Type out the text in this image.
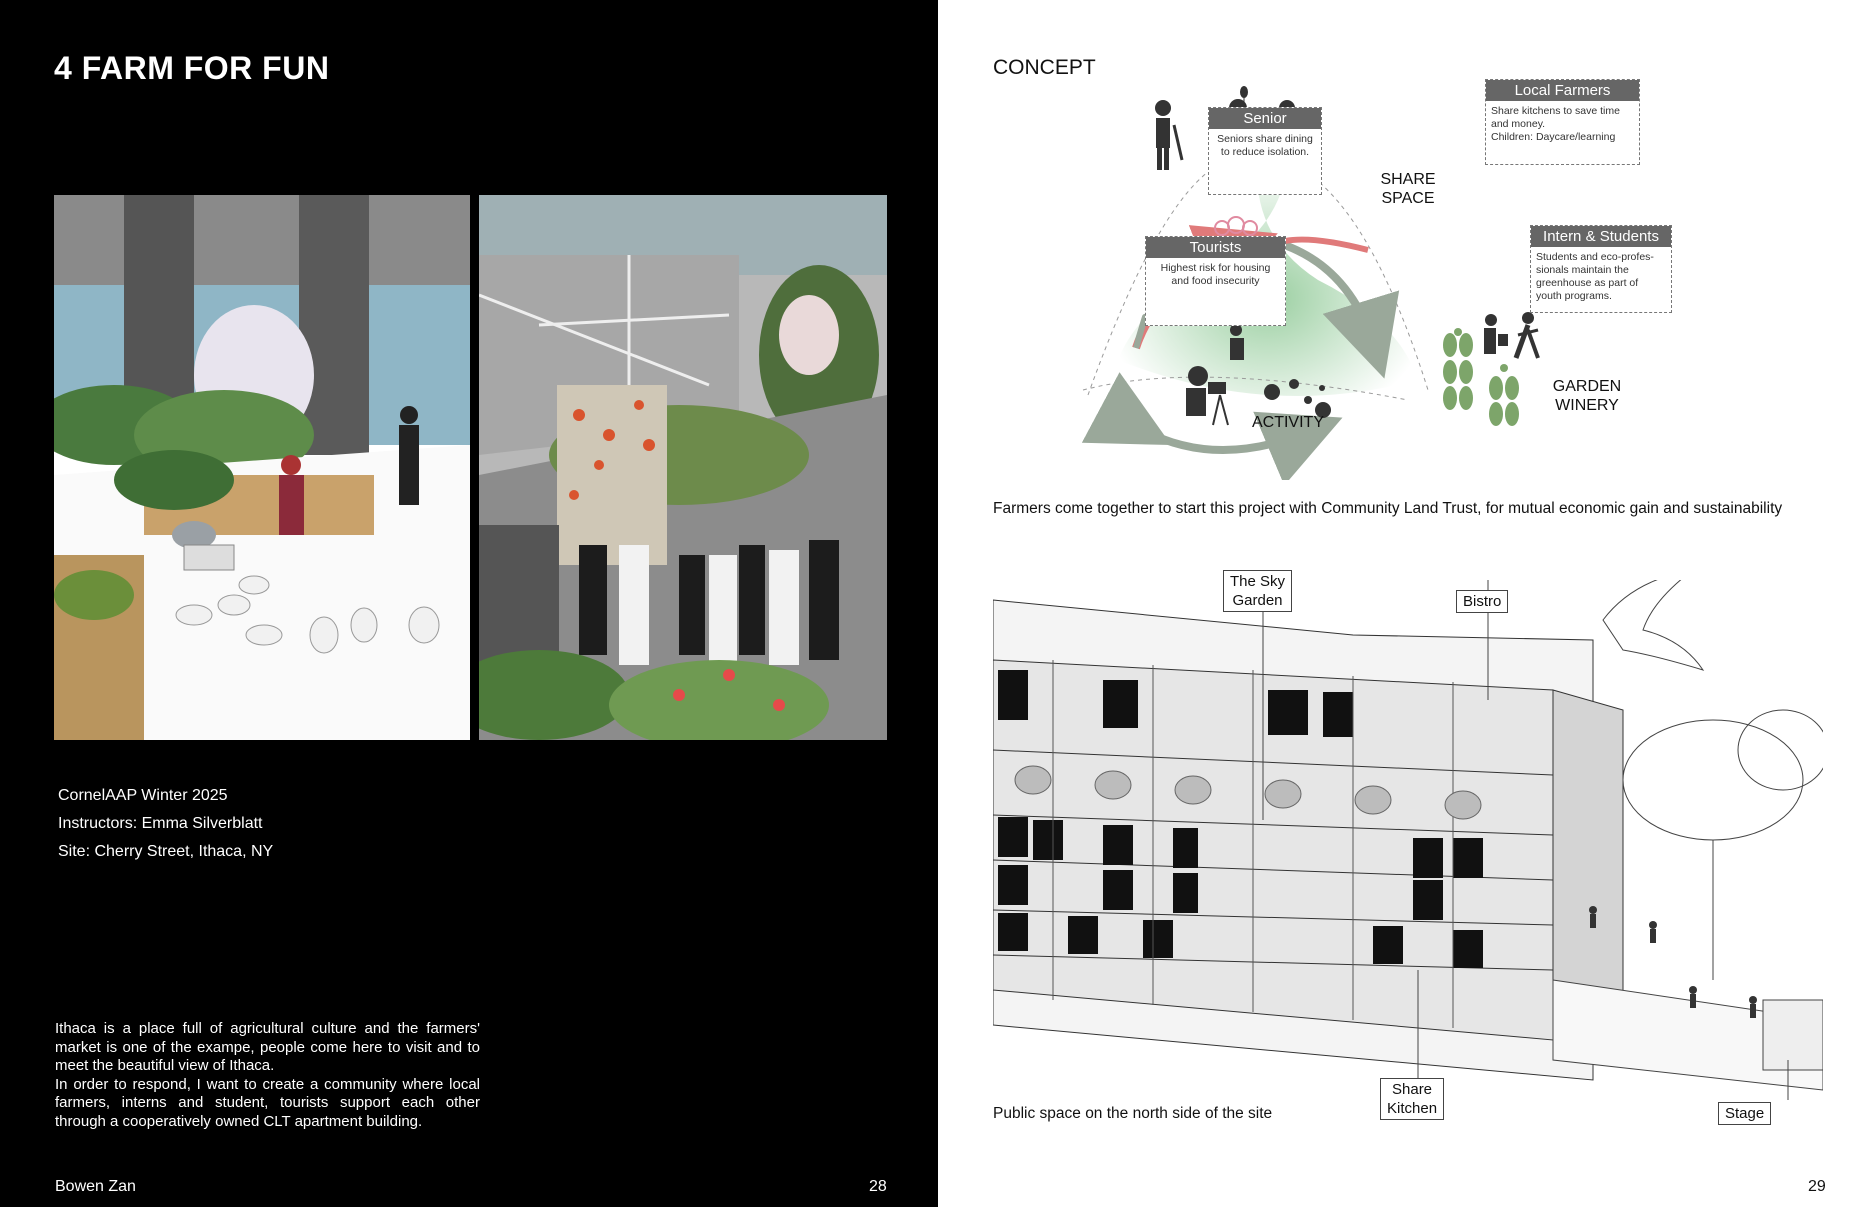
4 FARM FOR FUN
CornelAAP Winter 2025
Instructors: Emma Silverblatt
Site: Cherry Street, Ithaca, NY

Ithaca is a place full of agricultural culture and the farmers' market is one of the exampe, people come here to visit and to meet the beautiful view of Ithaca.

In order to respond, I want to create a community where local farmers, interns and student, tourists support each other through a cooperatively owned CLT apartment building.

Bowen Zan	28
CONCEPT
Senior
Seniors share dining to reduce isolation.
Local Farmers
Share kitchens to save time and money.
Children: Daycare/learning
Tourists
Highest risk for housing and food insecurity
Intern & Students
Students and eco-profes-sionals maintain the greenhouse as part of youth programs.
SHARE
SPACE
ACTIVITY
GARDEN
WINERY
Farmers come together to start this project with Community Land Trust, for mutual economic gain and sustainability
The Sky
Garden	Bistro
Share
Kitchen	Stage
Public space on the north side of the site
29
